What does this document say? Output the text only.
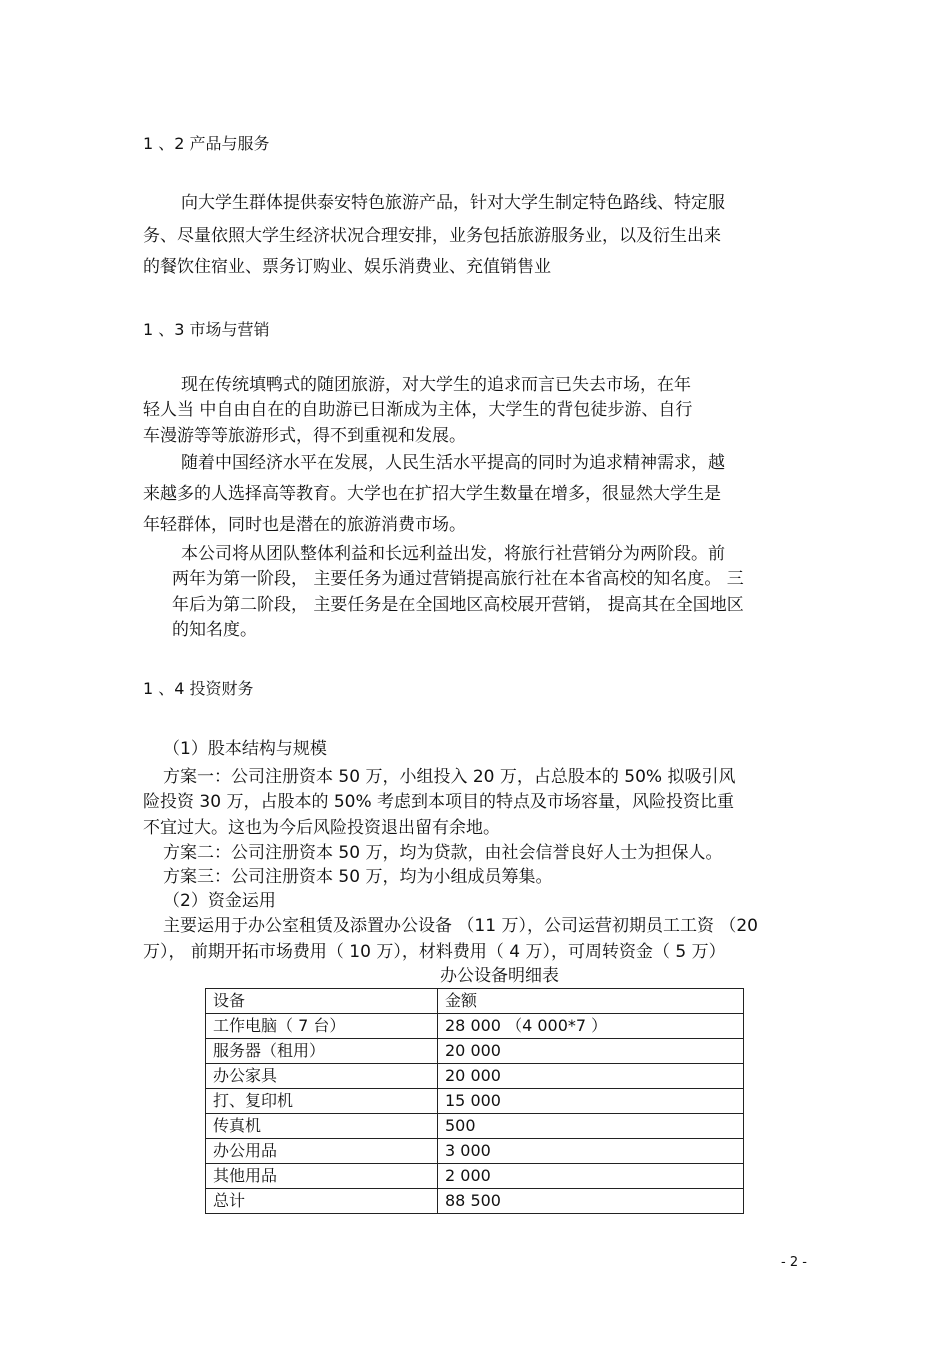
1 、2 产品与服务
向大学生群体提供泰安特色旅游产品，针对大学生制定特色路线、特定服
务、尽量依照大学生经济状况合理安排，业务包括旅游服务业，以及衍生出来
的餐饮住宿业、票务订购业、娱乐消费业、充值销售业
1 、3 市场与营销
现在传统填鸭式的随团旅游，对大学生的追求而言已失去市场，在年
轻人当 中自由自在的自助游已日渐成为主体，大学生的背包徒步游、自行
车漫游等等旅游形式，得不到重视和发展。
随着中国经济水平在发展，人民生活水平提高的同时为追求精神需求，越
来越多的人选择高等教育。大学也在扩招大学生数量在增多，很显然大学生是
年轻群体，同时也是潜在的旅游消费市场。
本公司将从团队整体利益和长远利益出发，将旅行社营销分为两阶段。前
两年为第一阶段， 主要任务为通过营销提高旅行社在本省高校的知名度。 三
年后为第二阶段， 主要任务是在全国地区高校展开营销， 提高其在全国地区
的知名度。
1 、4 投资财务
（1）股本结构与规模
方案一：公司注册资本 50 万，小组投入 20 万，占总股本的 50% 拟吸引风
险投资 30 万，占股本的 50% 考虑到本项目的特点及市场容量，风险投资比重
不宜过大。这也为今后风险投资退出留有余地。
方案二：公司注册资本 50 万，均为贷款，由社会信誉良好人士为担保人。
方案三：公司注册资本 50 万，均为小组成员筹集。
（2）资金运用
主要运用于办公室租赁及添置办公设备 （11 万），公司运营初期员工工资 （20
万）， 前期开拓市场费用（ 10 万），材料费用（ 4 万），可周转资金（ 5 万）
办公设备明细表
设备	金额
工作电脑（ 7 台）	28 000 （4 000*7 ）
服务器（租用）	20 000
办公家具	20 000
打、复印机	15 000
传真机	500
办公用品	3 000
其他用品	2 000
总计	88 500
- 2 -
